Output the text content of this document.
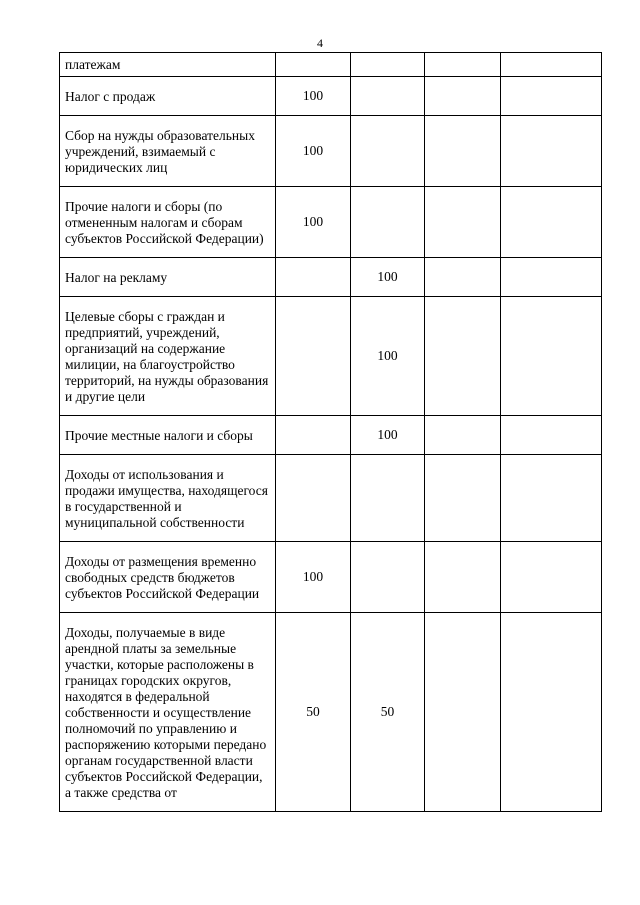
4
платежам				
Налог с продаж	100			
Сбор на нужды образовательных учреждений, взимаемый с юридических лиц	100			
Прочие налоги и сборы (по отмененным налогам и сборам субъектов Российской Федерации)	100			
Налог на рекламу		100		
Целевые сборы с граждан и предприятий, учреждений, организаций на содержание милиции, на благоустройство территорий, на нужды образования и другие цели		100		
Прочие местные налоги и сборы		100		
Доходы от использования и продажи имущества, находящегося в государственной и муниципальной собственности				
Доходы от размещения временно свободных средств бюджетов субъектов Российской Федерации	100			
Доходы, получаемые в виде арендной платы за земельные участки, которые расположены в границах городских округов, находятся в федеральной собственности и осуществление полномочий по управлению и распоряжению которыми передано органам государственной власти субъектов Российской Федерации, а также средства от	50	50		
